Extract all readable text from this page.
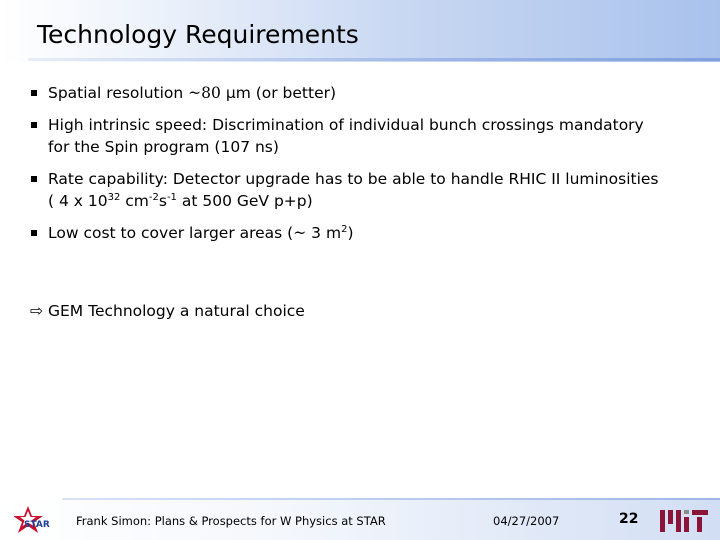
Technology Requirements
Spatial resolution ~80 µm (or better)
High intrinsic speed: Discrimination of individual bunch crossings mandatory
for the Spin program (107 ns)
Rate capability: Detector upgrade has to be able to handle RHIC II luminosities
( 4 x $10^{32}$ $cm^{-2}s^{-1}$ at 500 GeV p+p)
Low cost to cover larger areas (~ 3 $m^2$)
⇨ GEM Technology a natural choice
STAR Frank Simon: Plans & Prospects for W Physics at STAR	04/27/2007	22
